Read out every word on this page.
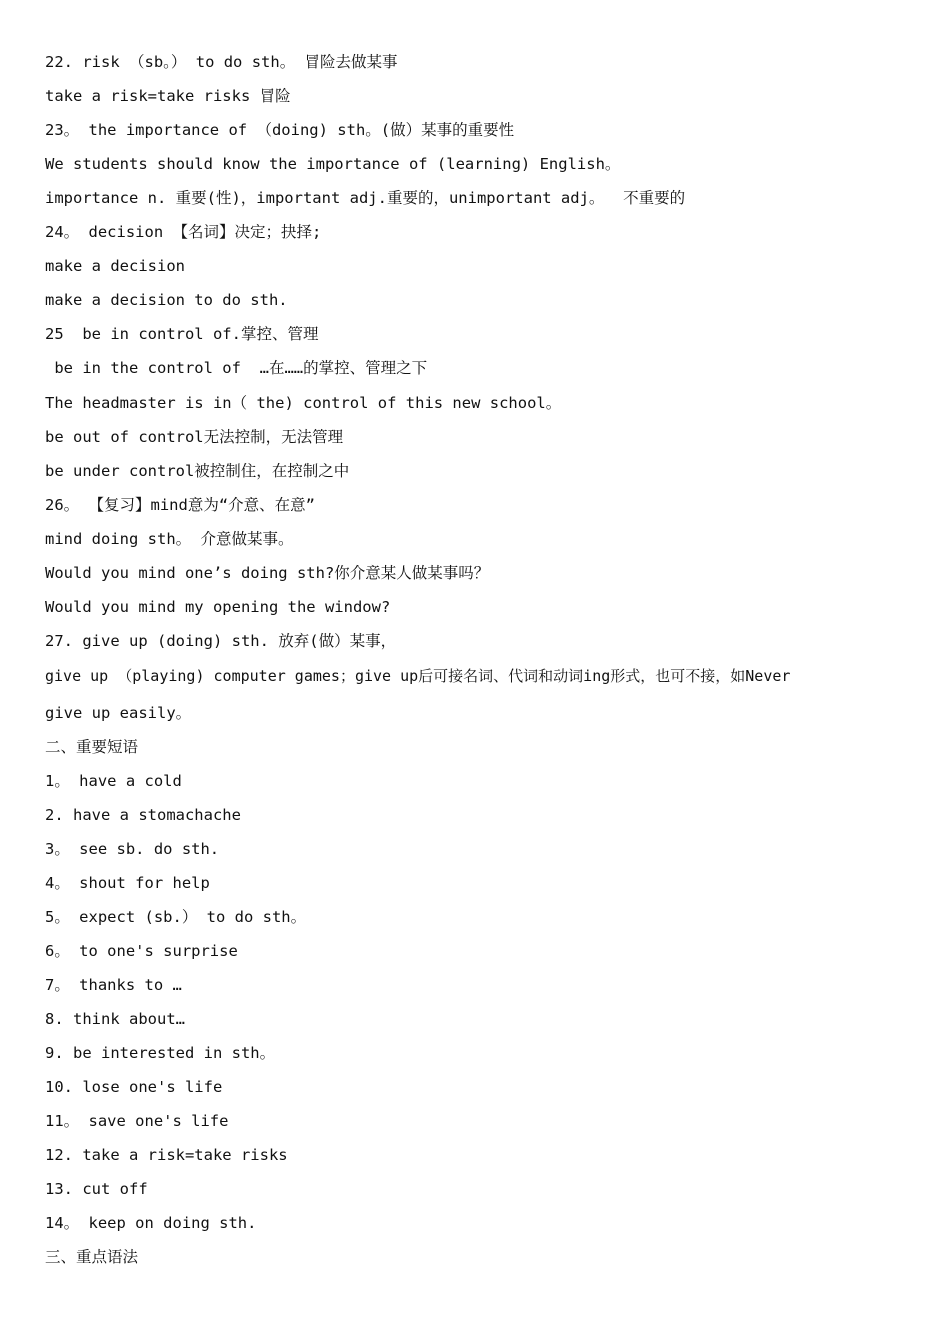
22. risk （sb。） to do sth。 冒险去做某事
take a risk=take risks 冒险
23。 the importance of （doing) sth。(做）某事的重要性
We students should know the importance of (learning) English。
importance n. 重要(性)，important adj.重要的，unimportant adj。  不重要的
24。 decision 【名词】决定；抉择;
make a decision
make a decision to do sth.
25  be in control of.掌控、管理
be in the control of  …在……的掌控、管理之下
The headmaster is in（ the) control of this new school。
be out of control无法控制，无法管理
be under control被控制住，在控制之中
26。 【复习】mind意为“介意、在意”
mind doing sth。 介意做某事。
Would you mind one’s doing sth?你介意某人做某事吗？
Would you mind my opening the window?
27. give up (doing) sth. 放弃(做）某事，
give up （playing) computer games；give up后可接名词、代词和动词ing形式，也可不接，如Never
give up easily。
二、重要短语
1。 have a cold
2. have a stomachache
3。 see sb. do sth.
4。 shout for help
5。 expect (sb.） to do sth。
6。 to one's surprise
7。 thanks to …
8. think about…
9. be interested in sth。
10. lose one's life
11。 save one's life
12. take a risk=take risks
13. cut off
14。 keep on doing sth.
三、重点语法
